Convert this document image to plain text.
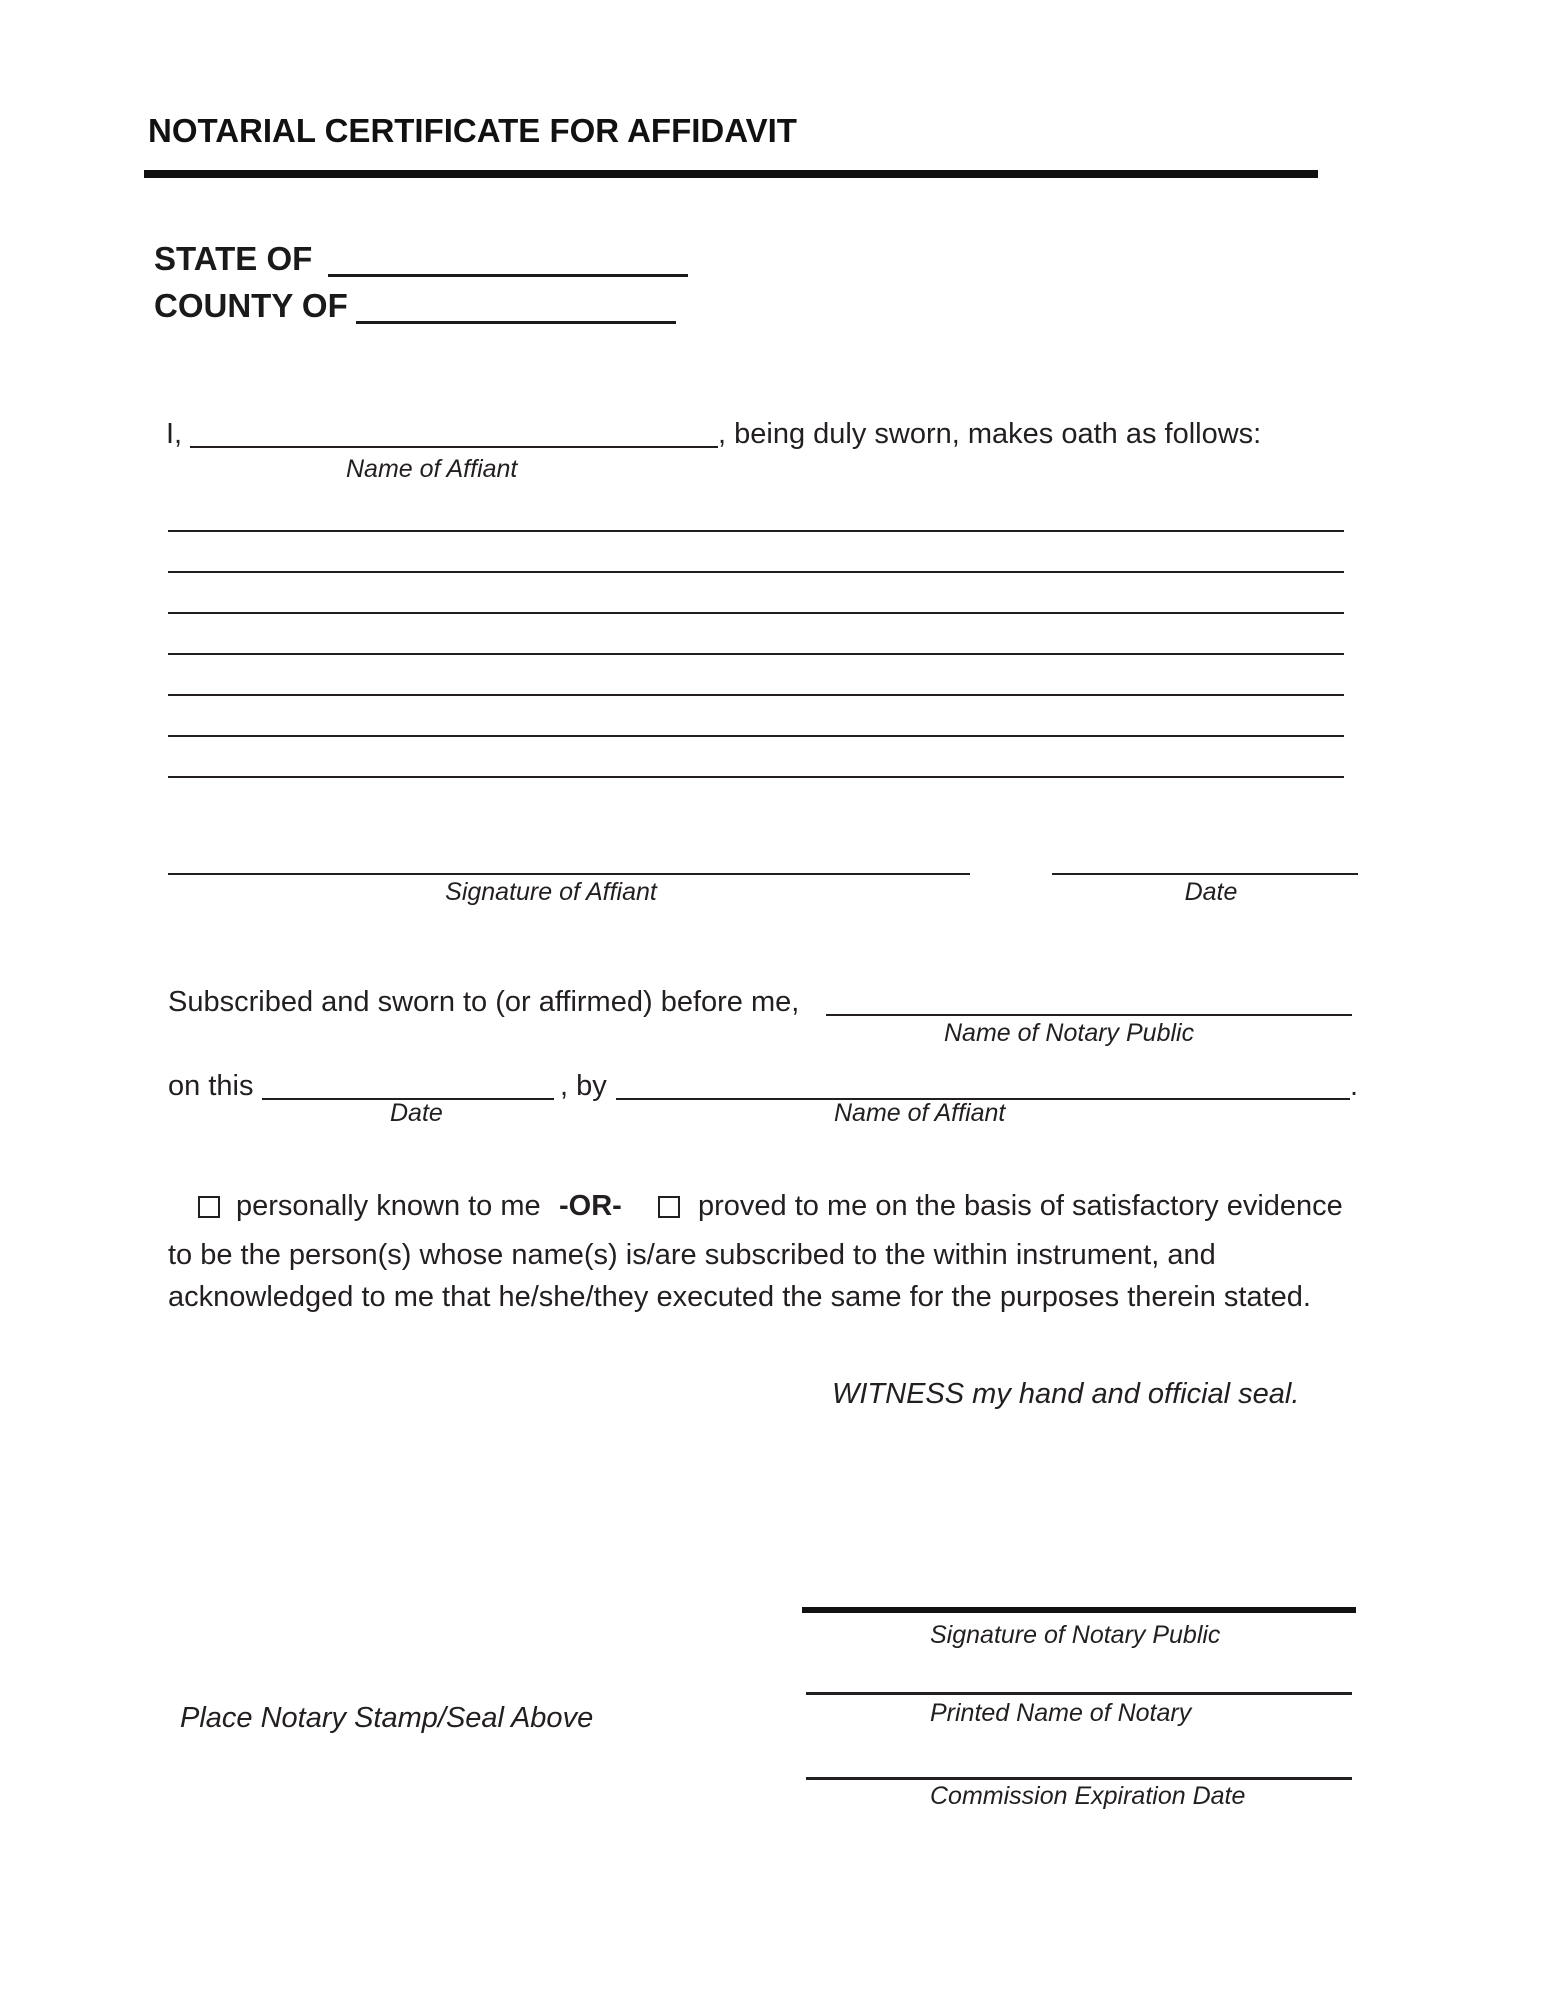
NOTARIAL CERTIFICATE FOR AFFIDAVIT
STATE OF
COUNTY OF
I,	, being duly sworn, makes oath as follows:
Name of Affiant
Signature of Affiant	Date
Subscribed and sworn to (or affirmed) before me,
Name of Notary Public
on this	, by	.
Date	Name of Affiant
personally known to me -OR-	proved to me on the basis of satisfactory evidence
to be the person(s) whose name(s) is/are subscribed to the within instrument, and
acknowledged to me that he/she/they executed the same for the purposes therein stated.
WITNESS my hand and official seal.
Signature of Notary Public
Printed Name of Notary
Commission Expiration Date
Place Notary Stamp/Seal Above
